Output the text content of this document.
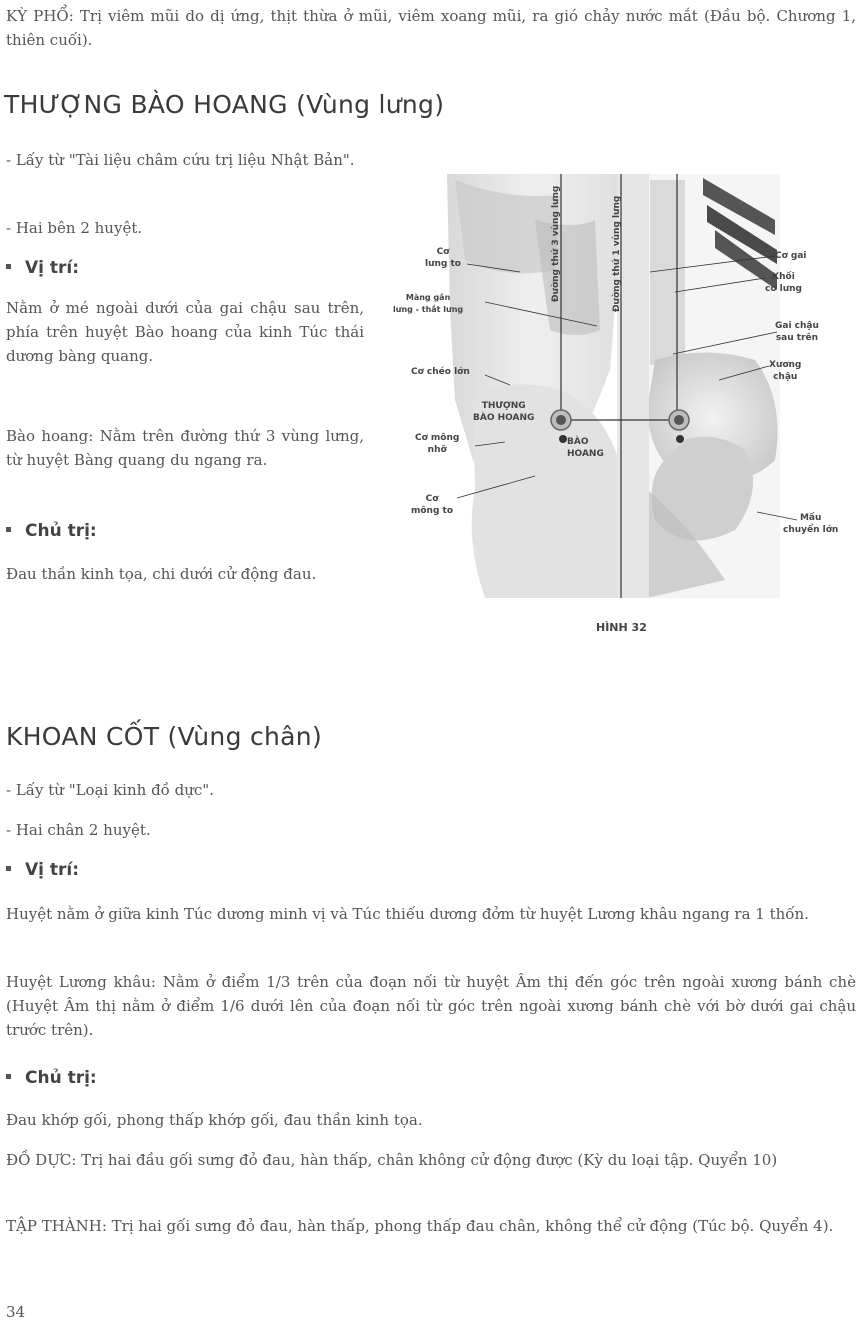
KỲ PHỔ: Trị viêm mũi do dị ứng, thịt thừa ở mũi, viêm xoang mũi, ra gió chảy nước mắt (Đầu bộ. Chương 1, thiên cuối).
THƯỢNG BÀO HOANG (Vùng lưng)
- Lấy từ "Tài liệu châm cứu trị liệu Nhật Bản".
- Hai bên 2 huyệt.
Vị trí:
Nằm ở mé ngoài dưới của gai chậu sau trên, phía trên huyệt Bào hoang của kinh Túc thái dương bàng quang.
Bào hoang: Nằm trên đường thứ 3 vùng lưng, từ huyệt Bàng quang du ngang ra.
Chủ trị:
Đau thần kinh tọa, chi dưới cử động đau.
Đường thứ 3 vùng lưng	Đường thứ 1 vùng lưng
Cơ
lưng to
Màng gân
lưng - thắt lưng
Cơ chéo lớn
THƯỢNG
BÀO HOANG
Cơ mông
nhỡ
BÀO
HOANG
Cơ
mông to
Cơ gai
Khối
cơ lưng
Gai chậu
sau trên
Xương
chậu
Mấu
chuyển lớn
HÌNH 32
KHOAN CỐT (Vùng chân)
- Lấy từ "Loại kinh đồ dực".
- Hai chân 2 huyệt.
Vị trí:
Huyệt nằm ở giữa kinh Túc dương minh vị và Túc thiếu dương đởm từ huyệt Lương khâu ngang ra 1 thốn.
Huyệt Lương khâu: Nằm ở điểm 1/3 trên của đoạn nối từ huyệt Âm thị đến góc trên ngoài xương bánh chè (Huyệt Âm thị nằm ở điểm 1/6 dưới lên của đoạn nối từ góc trên ngoài xương bánh chè với bờ dưới gai chậu trước trên).
Chủ trị:
Đau khớp gối, phong thấp khớp gối, đau thần kinh tọa.
ĐỒ DỰC: Trị hai đầu gối sưng đỏ đau, hàn thấp, chân không cử động được (Kỳ du loại tập. Quyển 10)
TẬP THÀNH: Trị hai gối sưng đỏ đau, hàn thấp, phong thấp đau chân, không thể cử động (Túc bộ. Quyển 4).
34
